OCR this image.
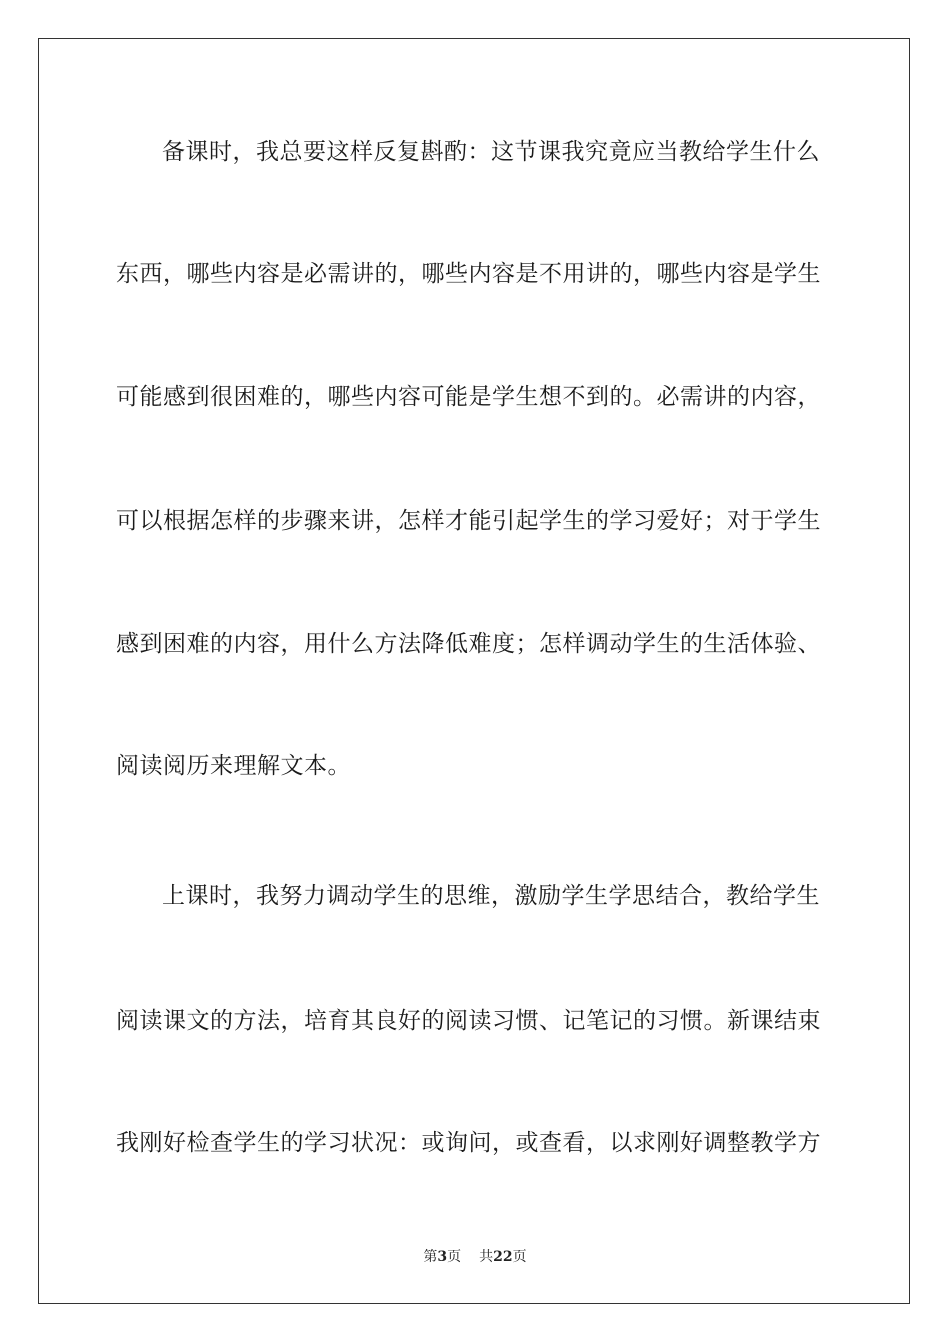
备课时，我总要这样反复斟酌：这节课我究竟应当教给学生什么
东西，哪些内容是必需讲的，哪些内容是不用讲的，哪些内容是学生
可能感到很困难的，哪些内容可能是学生想不到的。必需讲的内容，
可以根据怎样的步骤来讲，怎样才能引起学生的学习爱好；对于学生
感到困难的内容，用什么方法降低难度；怎样调动学生的生活体验、
阅读阅历来理解文本。
上课时，我努力调动学生的思维，激励学生学思结合，教给学生
阅读课文的方法，培育其良好的阅读习惯、记笔记的习惯。新课结束
我刚好检查学生的学习状况：或询问，或查看，以求刚好调整教学方
第3页 共22页
